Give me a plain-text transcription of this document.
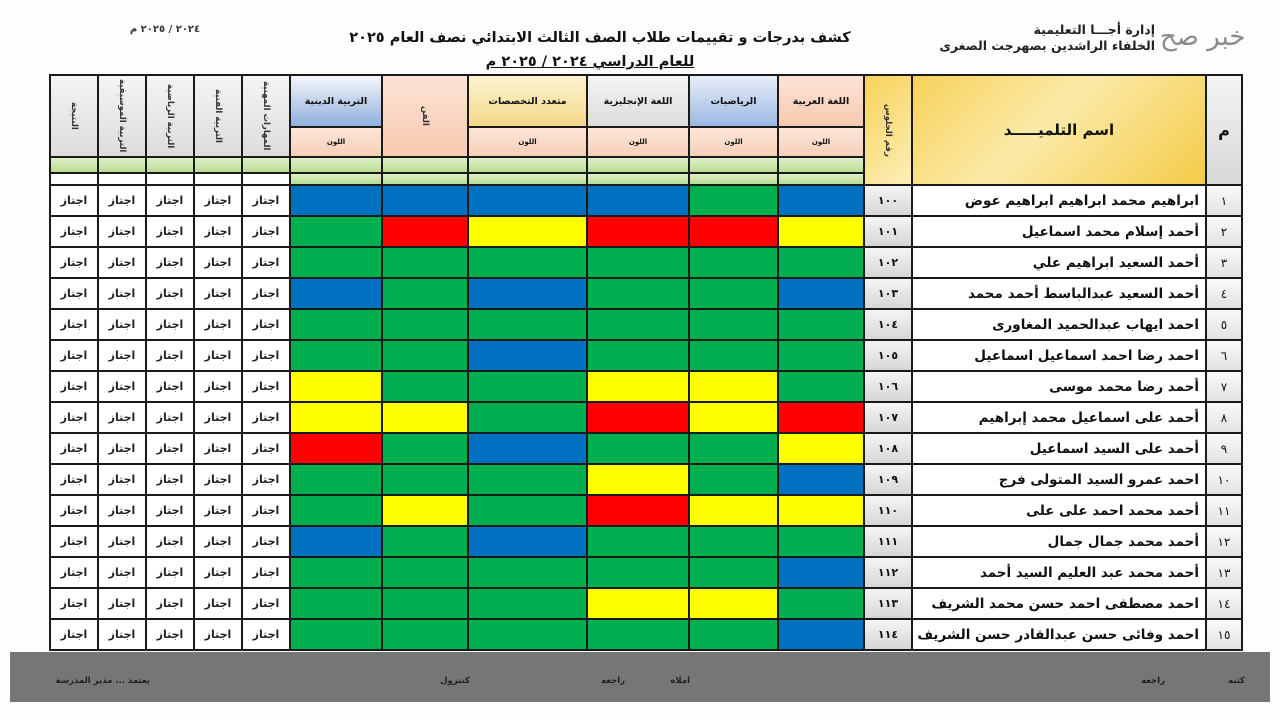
خبر صح
إدارة أجـــا التعليمية
الخلفاء الراشدين بصهرجت الصغرى
كشف بدرجات و تقييمات طلاب الصف الثالث الابتدائي نصف العام ٢٠٢٥
للعام الدراسي ٢٠٢٤ / ٢٠٢٥ م
٢٠٢٤ / ٢٠٢٥ م
م	اسم التلميـــــد	رقم الجلوس	اللغة العربية	الرياضيات	اللغة الإنجليزية	متعدد التخصصات	الفن	التربية الدينية	المهارات المهنية	التربية الفنية	التربية الرياضية	التربية الموسيقية	النتيجة

			اللون	اللون	اللون	اللون		اللون					

١	ابراهيم محمد ابراهيم ابراهيم عوض	١٠٠							اجتاز	اجتاز	اجتاز	اجتاز	اجتاز
٢	أحمد إسلام محمد اسماعيل	١٠١							اجتاز	اجتاز	اجتاز	اجتاز	اجتاز
٣	أحمد السعيد ابراهيم علي	١٠٢							اجتاز	اجتاز	اجتاز	اجتاز	اجتاز
٤	أحمد السعيد عبدالباسط أحمد محمد	١٠٣							اجتاز	اجتاز	اجتاز	اجتاز	اجتاز
٥	احمد ايهاب عبدالحميد المغاورى	١٠٤							اجتاز	اجتاز	اجتاز	اجتاز	اجتاز
٦	احمد رضا احمد اسماعيل اسماعيل	١٠٥							اجتاز	اجتاز	اجتاز	اجتاز	اجتاز
٧	أحمد رضا محمد موسى	١٠٦							اجتاز	اجتاز	اجتاز	اجتاز	اجتاز
٨	أحمد على اسماعيل محمد إبراهيم	١٠٧							اجتاز	اجتاز	اجتاز	اجتاز	اجتاز
٩	أحمد على السيد اسماعيل	١٠٨							اجتاز	اجتاز	اجتاز	اجتاز	اجتاز
١٠	احمد عمرو السيد المتولى فرج	١٠٩							اجتاز	اجتاز	اجتاز	اجتاز	اجتاز
١١	أحمد محمد احمد على على	١١٠							اجتاز	اجتاز	اجتاز	اجتاز	اجتاز
١٢	أحمد محمد جمال جمال	١١١							اجتاز	اجتاز	اجتاز	اجتاز	اجتاز
١٣	أحمد محمد عبد العليم السيد أحمد	١١٢							اجتاز	اجتاز	اجتاز	اجتاز	اجتاز
١٤	احمد مصطفى احمد حسن محمد الشريف	١١٣							اجتاز	اجتاز	اجتاز	اجتاز	اجتاز
١٥	احمد وفائى حسن عبدالقادر حسن الشريف	١١٤							اجتاز	اجتاز	اجتاز	اجتاز	اجتاز
كتبه
راجعه
املاه
راجعه
كنترول
يعتمد ... مدير المدرسة
